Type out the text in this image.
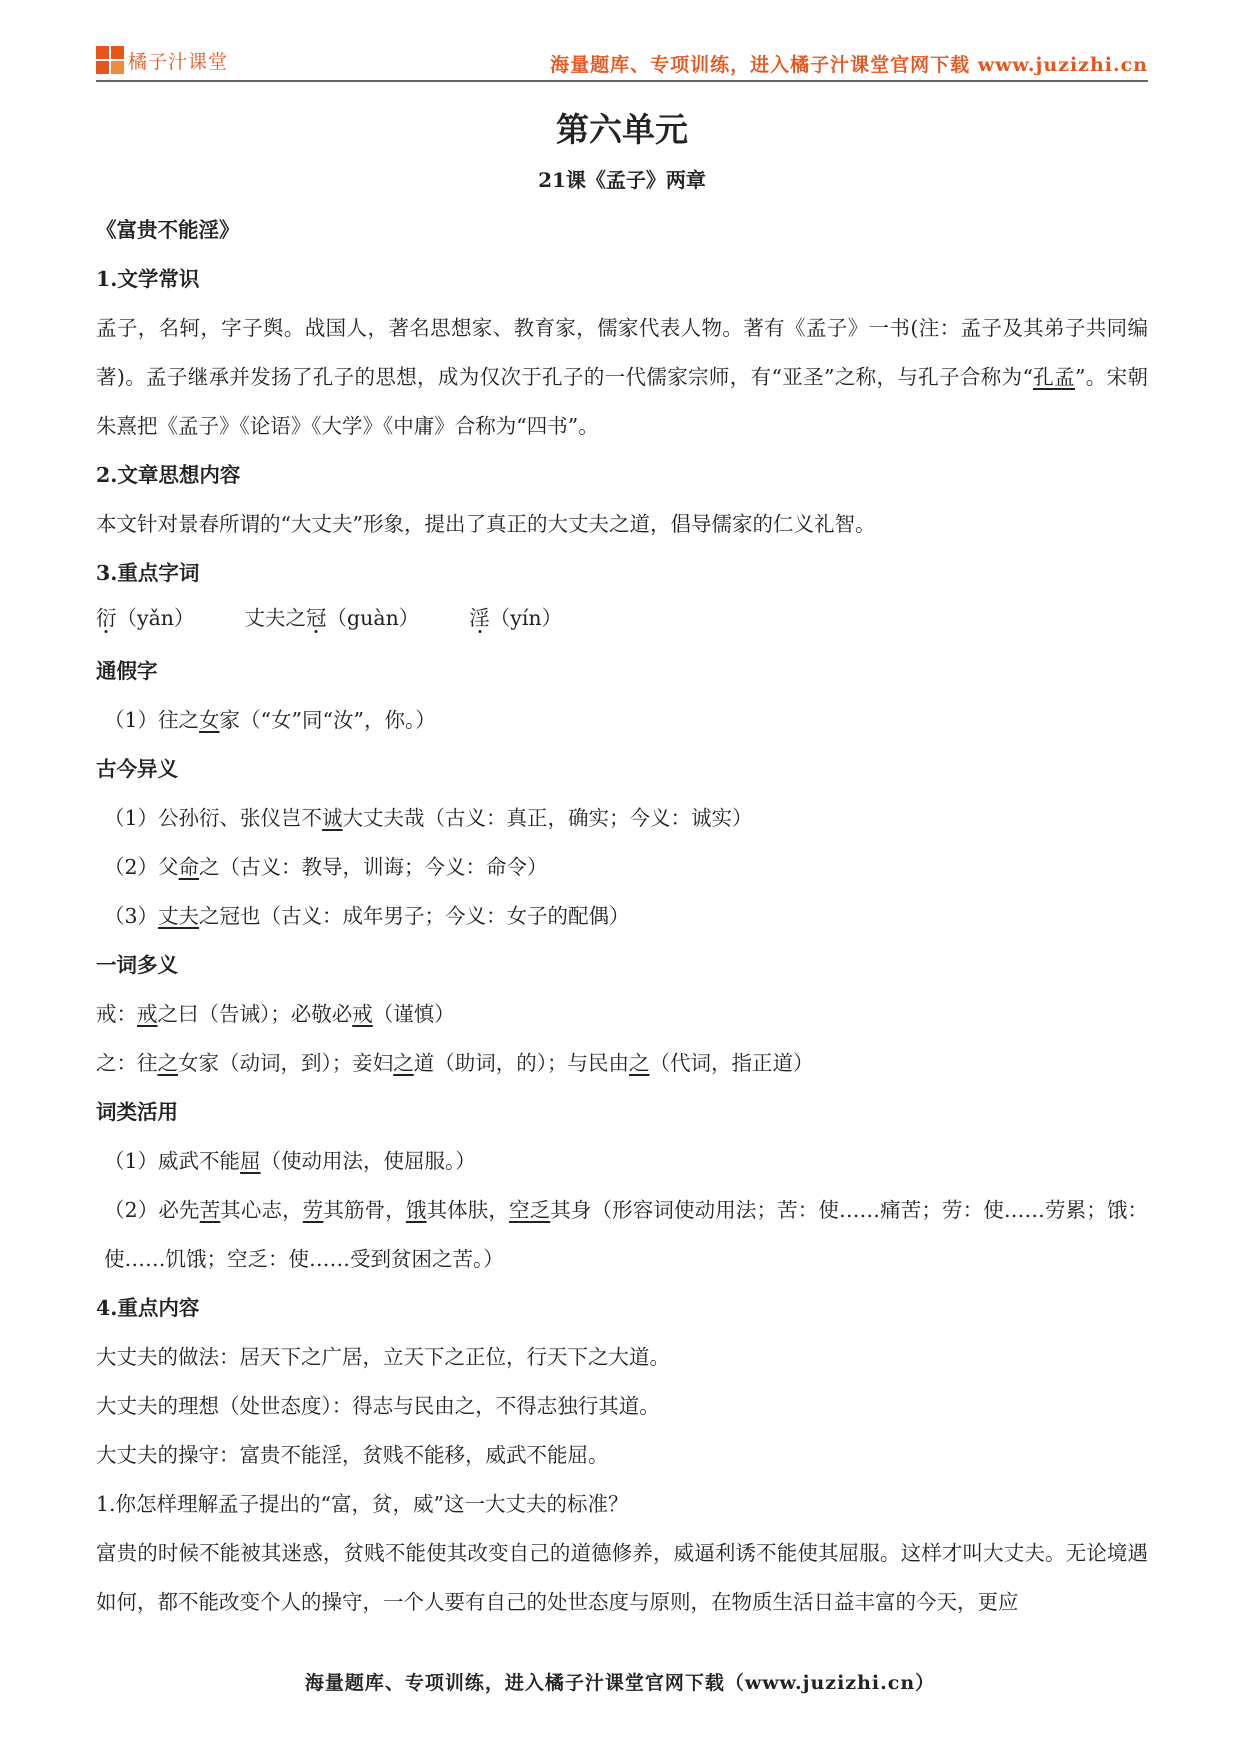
橘子汁课堂	海量题库、专项训练，进入橘子汁课堂官网下载 www.juzizhi.cn
第六单元
21课《孟子》两章
《富贵不能淫》
1.文学常识
孟子，名轲，字子舆。战国人，著名思想家、教育家，儒家代表人物。著有《孟子》一书(注：孟子及其弟子共同编著)。孟子继承并发扬了孔子的思想，成为仅次于孔子的一代儒家宗师，有“亚圣”之称，与孔子合称为“孔孟”。宋朝朱熹把《孟子》《论语》《大学》《中庸》合称为“四书”。
2.文章思想内容
本文针对景春所谓的“大丈夫”形象，提出了真正的大丈夫之道，倡导儒家的仁义礼智。
3.重点字词
衍（yǎn） 丈夫之冠（guàn） 淫（yín）
通假字
（1）往之女家（“女”同“汝”，你。）
古今异义
（1）公孙衍、张仪岂不诚大丈夫哉（古义：真正，确实；今义：诚实）
（2）父命之（古义：教导，训诲；今义：命令）
（3）丈夫之冠也（古义：成年男子；今义：女子的配偶）
一词多义
戒：戒之曰（告诫）；必敬必戒（谨慎）
之：往之女家（动词，到）；妾妇之道（助词，的）；与民由之（代词，指正道）
词类活用
（1）威武不能屈（使动用法，使屈服。）
（2）必先苦其心志，劳其筋骨，饿其体肤，空乏其身（形容词使动用法；苦：使……痛苦；劳：使……劳累；饿：使……饥饿；空乏：使……受到贫困之苦。）
4.重点内容
大丈夫的做法：居天下之广居，立天下之正位，行天下之大道。
大丈夫的理想（处世态度）：得志与民由之，不得志独行其道。
大丈夫的操守：富贵不能淫，贫贱不能移，威武不能屈。
1.你怎样理解孟子提出的“富，贫，威”这一大丈夫的标准？
富贵的时候不能被其迷惑，贫贱不能使其改变自己的道德修养，威逼利诱不能使其屈服。这样才叫大丈夫。无论境遇如何，都不能改变个人的操守，一个人要有自己的处世态度与原则，在物质生活日益丰富的今天，更应
海量题库、专项训练，进入橘子汁课堂官网下载（www.juzizhi.cn）
